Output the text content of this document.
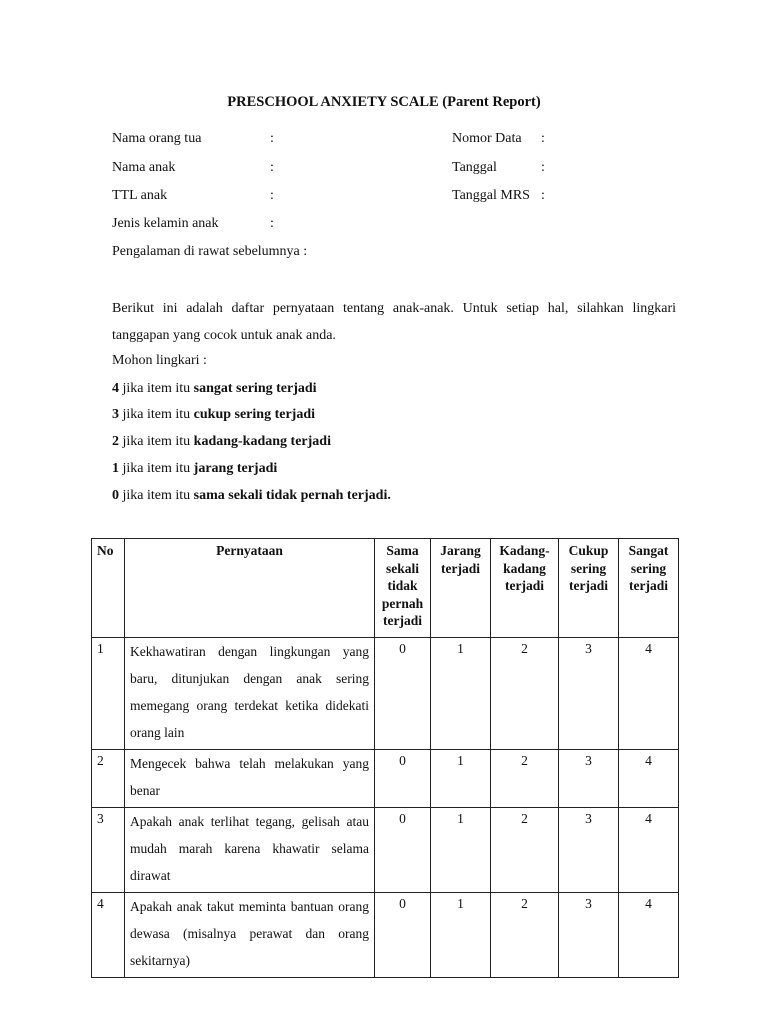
PRESCHOOL ANXIETY SCALE (Parent Report)
Nama orang tua	:
Nama anak	:
TTL anak	:
Jenis kelamin anak	:
Nomor Data :
Tanggal	:
Tanggal MRS :
Pengalaman di rawat sebelumnya :
Berikut ini adalah daftar pernyataan tentang anak-anak. Untuk setiap hal, silahkan lingkari tanggapan yang cocok untuk anak anda.
Mohon lingkari :
4 jika item itu sangat sering terjadi
3 jika item itu cukup sering terjadi
2 jika item itu kadang-kadang terjadi
1 jika item itu jarang terjadi
0 jika item itu sama sekali tidak pernah terjadi.
No	Pernyataan	Sama sekali tidak pernah terjadi	Jarang terjadi	Kadang-kadang terjadi	Cukup sering terjadi	Sangat sering terjadi
1	Kekhawatiran dengan lingkungan yang baru, ditunjukan dengan anak sering memegang orang terdekat ketika didekati orang lain	0	1	2	3	4
2	Mengecek bahwa telah melakukan yang benar	0	1	2	3	4
3	Apakah anak terlihat tegang, gelisah atau mudah marah karena khawatir selama dirawat	0	1	2	3	4
4	Apakah anak takut meminta bantuan orang dewasa (misalnya perawat dan orang sekitarnya)	0	1	2	3	4
